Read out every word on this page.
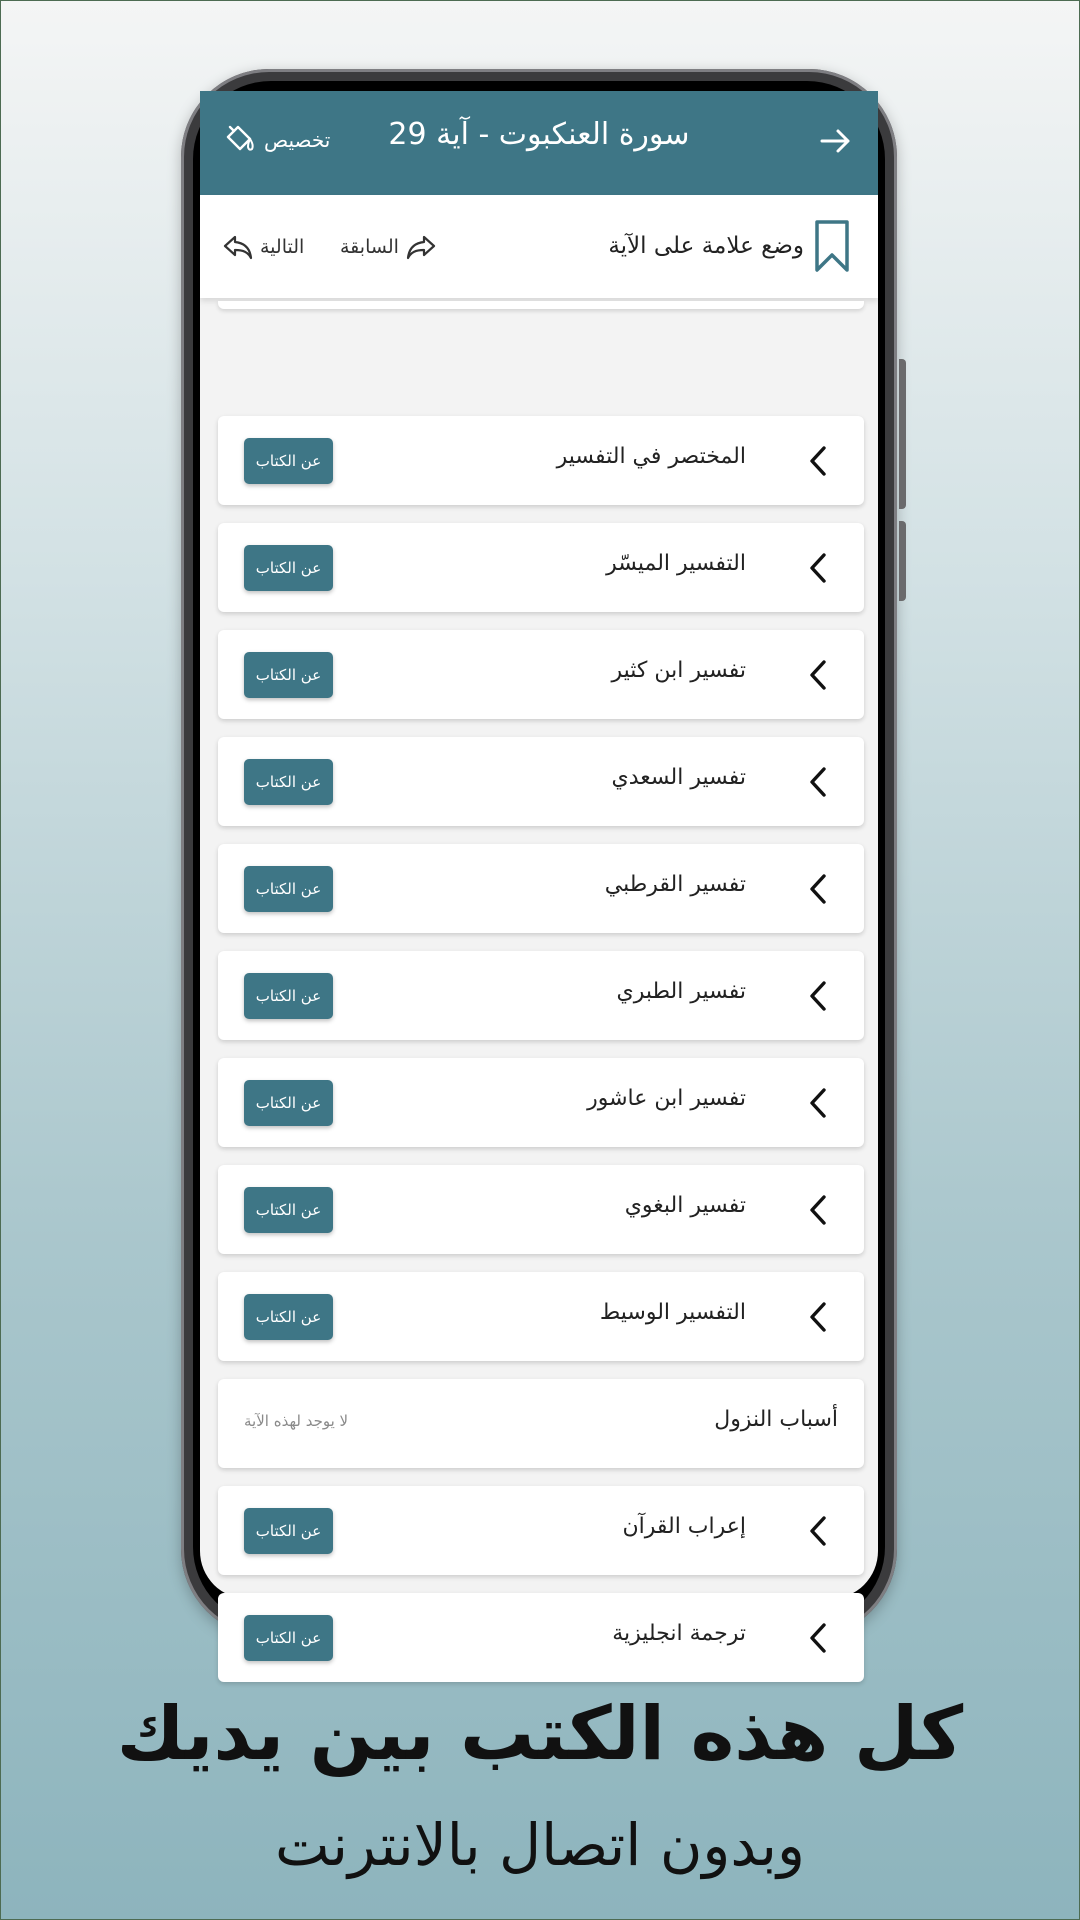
سورة العنكبوت - آية 29
تخصيص
وضع علامة على الآية
السابقة
التالية
المختصر في التفسير
عن الكتاب
التفسير الميسّر
عن الكتاب
تفسير ابن كثير
عن الكتاب
تفسير السعدي
عن الكتاب
تفسير القرطبي
عن الكتاب
تفسير الطبري
عن الكتاب
تفسير ابن عاشور
عن الكتاب
تفسير البغوي
عن الكتاب
التفسير الوسيط
عن الكتاب
أسباب النزول
لا يوجد لهذه الآية
إعراب القرآن
عن الكتاب
ترجمة انجليزية
عن الكتاب
كل هذه الكتب بين يديك
وبدون اتصال بالانترنت
